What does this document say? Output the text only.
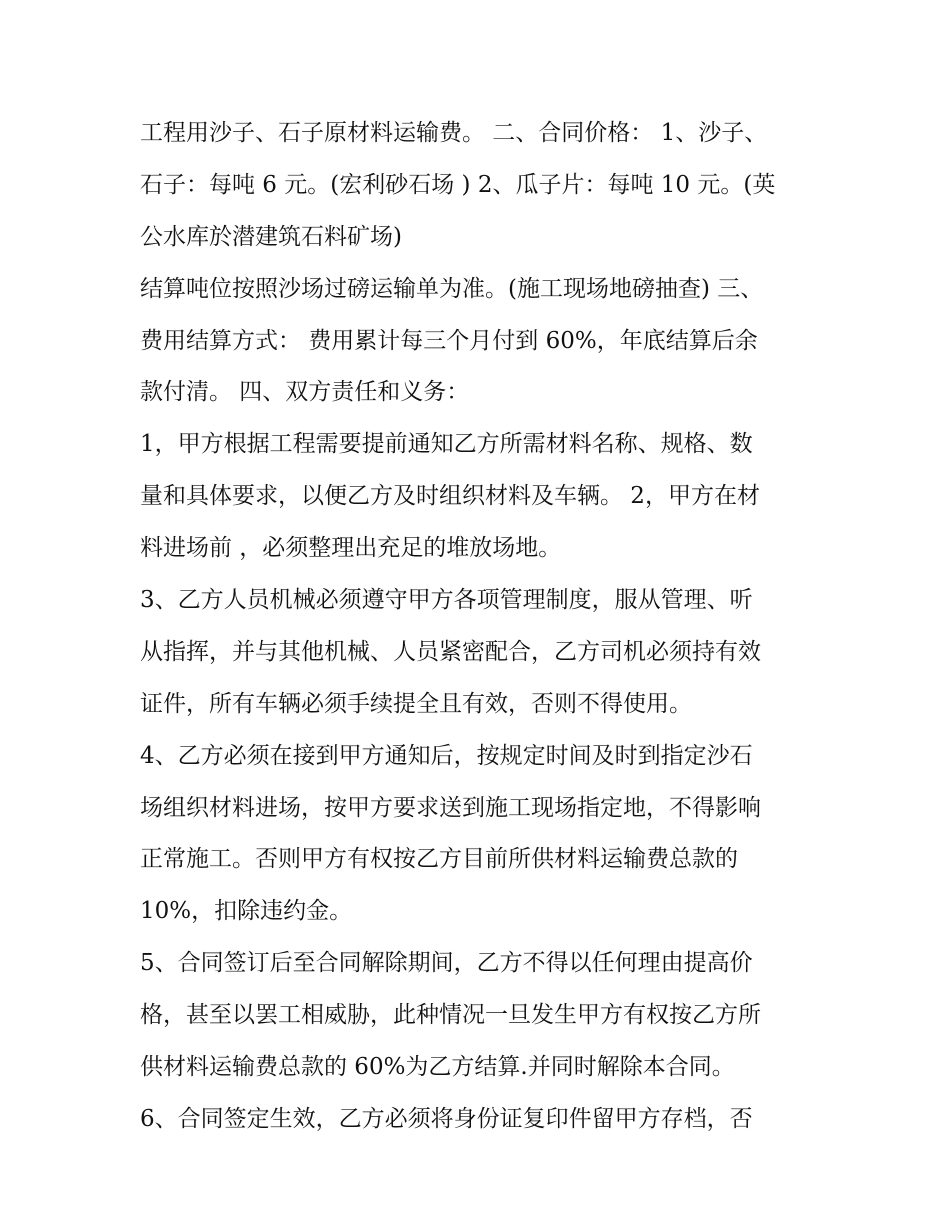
工程用沙子、石子原材料运输费。 二、合同价格： 1、沙子、
石子：每吨 6 元。(宏利砂石场 ) 2、瓜子片：每吨 10 元。(英
公水库於潜建筑石料矿场)
结算吨位按照沙场过磅运输单为准。(施工现场地磅抽查) 三、
费用结算方式： 费用累计每三个月付到 60%，年底结算后余
款付清。 四、双方责任和义务：
1，甲方根据工程需要提前通知乙方所需材料名称、规格、数
量和具体要求，以便乙方及时组织材料及车辆。 2，甲方在材
料进场前 ，必须整理出充足的堆放场地。
3、乙方人员机械必须遵守甲方各项管理制度，服从管理、听
从指挥，并与其他机械、人员紧密配合，乙方司机必须持有效
证件，所有车辆必须手续提全且有效，否则不得使用。
4、乙方必须在接到甲方通知后，按规定时间及时到指定沙石
场组织材料进场，按甲方要求送到施工现场指定地，不得影响
正常施工。否则甲方有权按乙方目前所供材料运输费总款的
10%，扣除违约金。
5、合同签订后至合同解除期间，乙方不得以任何理由提高价
格，甚至以罢工相威胁，此种情况一旦发生甲方有权按乙方所
供材料运输费总款的 60%为乙方结算.并同时解除本合同。
6、合同签定生效，乙方必须将身份证复印件留甲方存档，否
